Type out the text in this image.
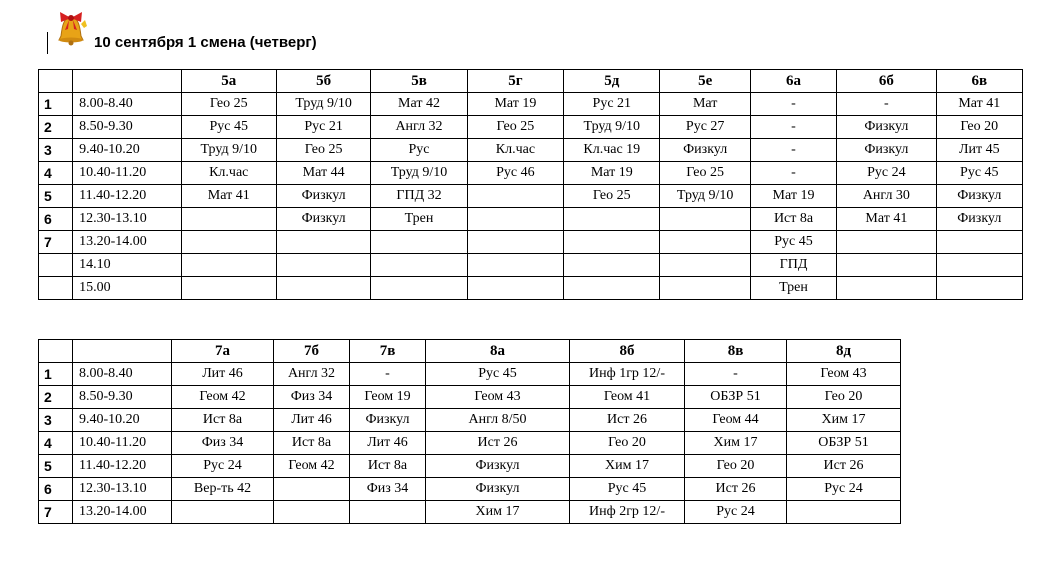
10 сентября 1 смена (четверг)
		5а	5б	5в	5г	5д	5е	6а	6б	6в
1	8.00-8.40	Гео 25	Труд 9/10	Мат 42	Мат 19	Рус 21	Мат	-	-	Мат 41
2	8.50-9.30	Рус 45	Рус 21	Англ 32	Гео 25	Труд 9/10	Рус 27	-	Физкул	Гео 20
3	9.40-10.20	Труд 9/10	Гео 25	Рус	Кл.час	Кл.час 19	Физкул	-	Физкул	Лит 45
4	10.40-11.20	Кл.час	Мат 44	Труд 9/10	Рус 46	Мат 19	Гео 25	-	Рус 24	Рус 45
5	11.40-12.20	Мат 41	Физкул	ГПД 32		Гео 25	Труд 9/10	Мат 19	Англ 30	Физкул
6	12.30-13.10		Физкул	Трен				Ист 8а	Мат 41	Физкул
7	13.20-14.00							Рус 45		
	14.10							ГПД		
	15.00							Трен		
		7а	7б	7в	8а	8б	8в	8д
1	8.00-8.40	Лит 46	Англ 32	-	Рус 45	Инф 1гр 12/-	-	Геом 43
2	8.50-9.30	Геом 42	Физ 34	Геом 19	Геом 43	Геом 41	ОБЗР 51	Гео 20
3	9.40-10.20	Ист 8а	Лит 46	Физкул	Англ 8/50	Ист 26	Геом 44	Хим 17
4	10.40-11.20	Физ 34	Ист 8а	Лит 46	Ист 26	Гео 20	Хим 17	ОБЗР 51
5	11.40-12.20	Рус 24	Геом 42	Ист 8а	Физкул	Хим 17	Гео 20	Ист 26
6	12.30-13.10	Вер-ть 42		Физ 34	Физкул	Рус 45	Ист 26	Рус 24
7	13.20-14.00				Хим 17	Инф 2гр 12/-	Рус 24	
